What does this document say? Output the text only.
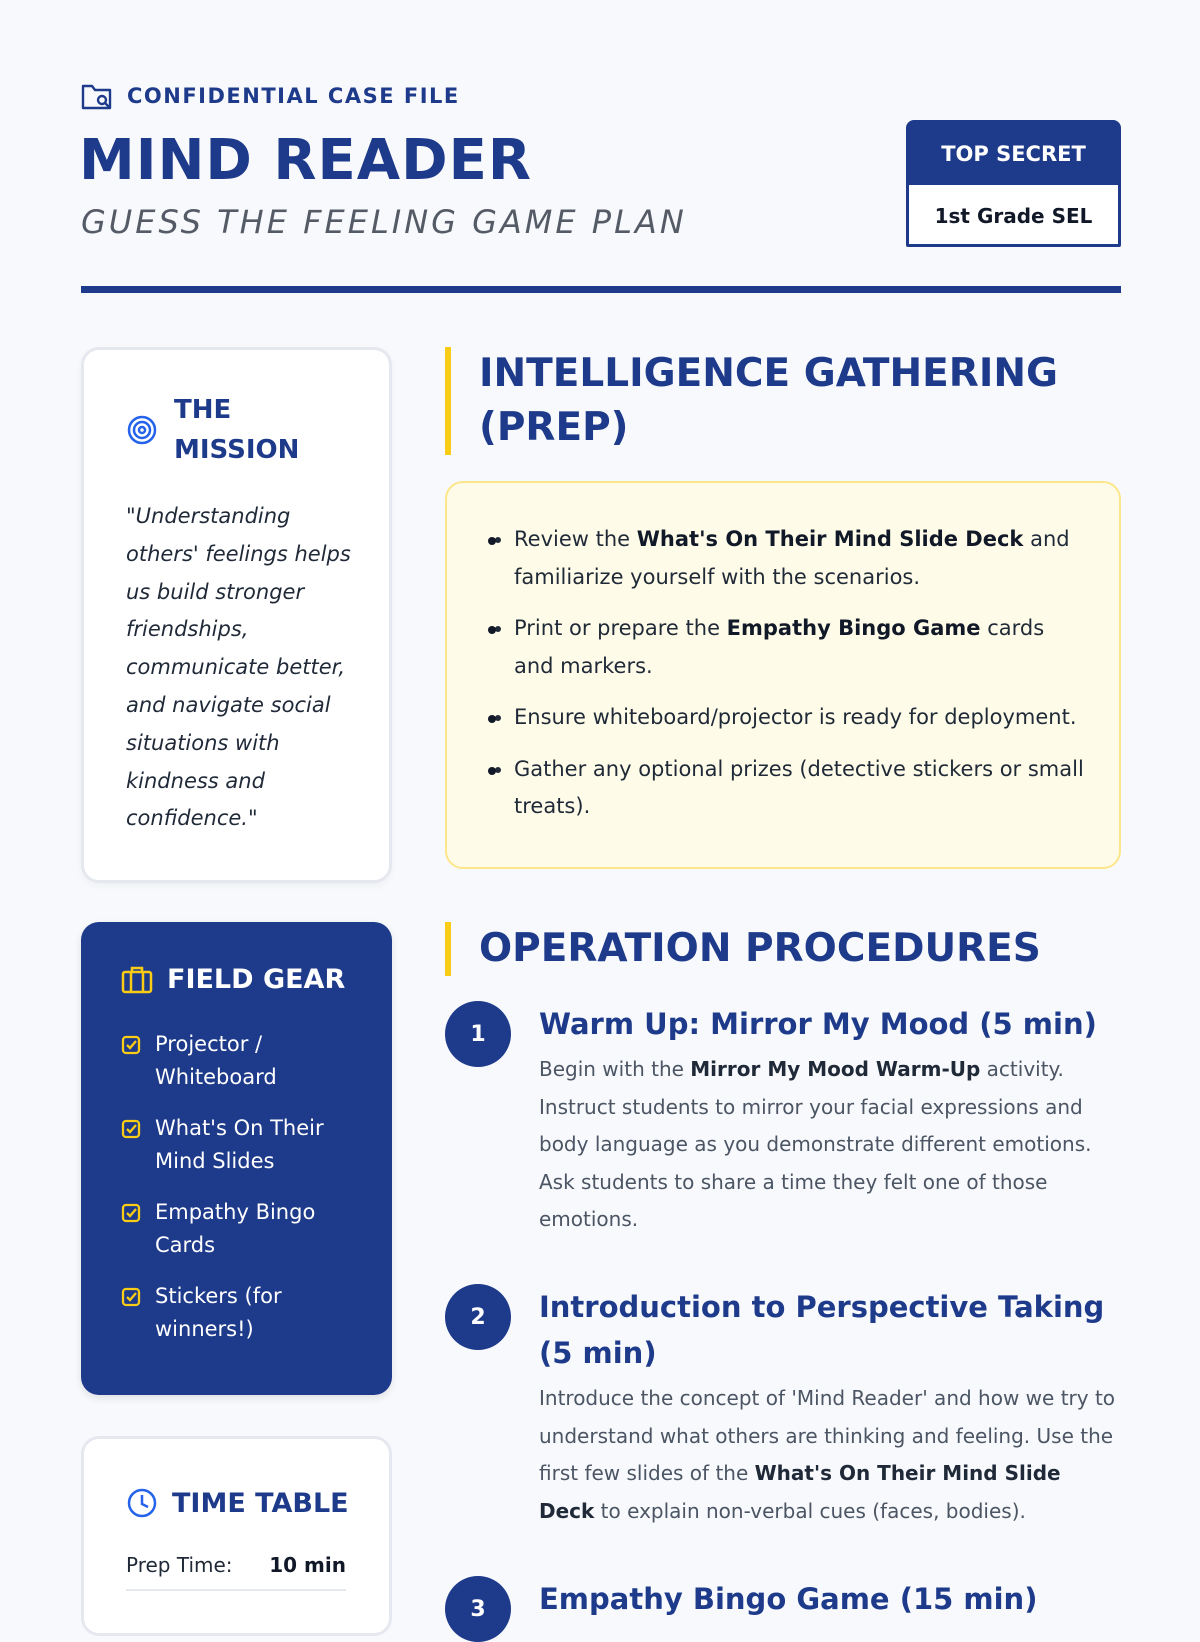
CONFIDENTIAL CASE FILE
MIND READER
GUESS THE FEELING GAME PLAN
TOP SECRET
1st Grade SEL
THE MISSION

"Understanding others' feelings helps us build stronger friendships, communicate better, and navigate social situations with kindness and confidence."

FIELD GEAR
Projector / Whiteboard
What's On Their Mind Slides
Empathy Bingo Cards
Stickers (for winners!)
TIME TABLE
Prep Time: 10 min
INTELLIGENCE GATHERING (PREP)
• Review the What's On Their Mind Slide Deck and familiarize yourself with the scenarios.
• Print or prepare the Empathy Bingo Game cards and markers.
• Ensure whiteboard/projector is ready for deployment.
• Gather any optional prizes (detective stickers or small treats).
OPERATION PROCEDURES
1	Warm Up: Mirror My Mood (5 min)

Begin with the Mirror My Mood Warm-Up activity. Instruct students to mirror your facial expressions and body language as you demonstrate different emotions. Ask students to share a time they felt one of those emotions.

2	Introduction to Perspective Taking (5 min)

Introduce the concept of 'Mind Reader' and how we try to understand what others are thinking and feeling. Use the first few slides of the What's On Their Mind Slide Deck to explain non-verbal cues (faces, bodies).

3	Empathy Bingo Game (15 min)
